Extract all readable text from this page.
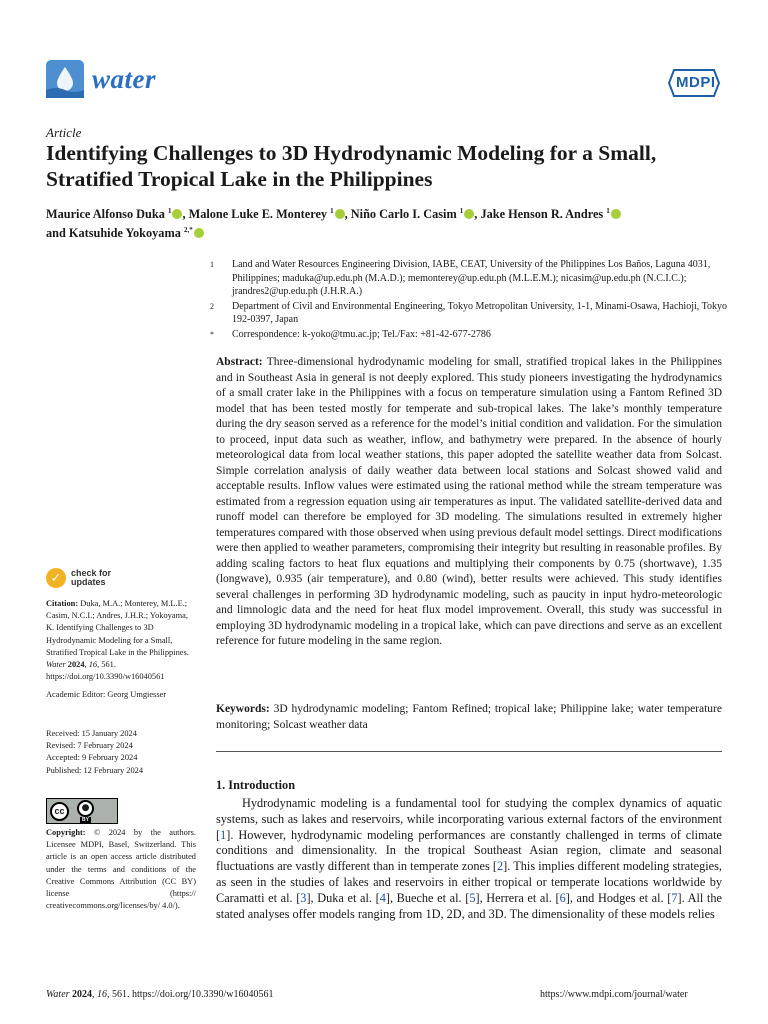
water	MDPI
Article
Identifying Challenges to 3D Hydrodynamic Modeling for a Small, Stratified Tropical Lake in the Philippines
Maurice Alfonso Duka $^1$ , Malone Luke E. Monterey $^1$ , Niño Carlo I. Casim $^1$ , Jake Henson R. Andres $^1$
and Katsuhide Yokoyama $^{2,*}$
1	Land and Water Resources Engineering Division, IABE, CEAT, University of the Philippines Los Baños, Laguna 4031, Philippines; maduka@up.edu.ph (M.A.D.); memonterey@up.edu.ph (M.L.E.M.); nicasim@up.edu.ph (N.C.I.C.); jrandres2@up.edu.ph (J.H.R.A.)
2	Department of Civil and Environmental Engineering, Tokyo Metropolitan University, 1-1, Minami-Osawa, Hachioji, Tokyo 192-0397, Japan
*	Correspondence: k-yoko@tmu.ac.jp; Tel./Fax: +81-42-677-2786
Abstract: Three-dimensional hydrodynamic modeling for small, stratified tropical lakes in the Philippines and in Southeast Asia in general is not deeply explored. This study pioneers investigating the hydrodynamics of a small crater lake in the Philippines with a focus on temperature simulation using a Fantom Refined 3D model that has been tested mostly for temperate and sub-tropical lakes. The lake’s monthly temperature during the dry season served as a reference for the model’s initial condition and validation. For the simulation to proceed, input data such as weather, inflow, and bathymetry were prepared. In the absence of hourly meteorological data from local weather stations, this paper adopted the satellite weather data from Solcast. Simple correlation analysis of daily weather data between local stations and Solcast showed valid and acceptable results. Inflow values were estimated using the rational method while the stream temperature was estimated from a regression equation using air temperatures as input. The validated satellite-derived data and runoff model can therefore be employed for 3D modeling. The simulations resulted in extremely higher temperatures compared with those observed when using previous default model settings. Direct modifications were then applied to weather parameters, compromising their integrity but resulting in reasonable profiles. By adding scaling factors to heat flux equations and multiplying their components by 0.75 (shortwave), 1.35 (longwave), 0.935 (air temperature), and 0.80 (wind), better results were achieved. This study identifies several challenges in performing 3D hydrodynamic modeling, such as paucity in input hydro-meteorologic and limnologic data and the need for heat flux model improvement. Overall, this study was successful in employing 3D hydrodynamic modeling in a tropical lake, which can pave directions and serve as an excellent reference for future modeling in the same region.
Keywords: 3D hydrodynamic modeling; Fantom Refined; tropical lake; Philippine lake; water temperature monitoring; Solcast weather data
1. Introduction
Hydrodynamic modeling is a fundamental tool for studying the complex dynamics of aquatic systems, such as lakes and reservoirs, while incorporating various external factors of the environment [1]. However, hydrodynamic modeling performances are constantly challenged in terms of climate conditions and dimensionality. In the tropical Southeast Asian region, climate and seasonal fluctuations are vastly different than in temperate zones [2]. This implies different modeling strategies, as seen in the studies of lakes and reservoirs in either tropical or temperate locations worldwide by Caramatti et al. [3], Duka et al. [4], Bueche et al. [5], Herrera et al. [6], and Hodges et al. [7]. All the stated analyses offer models ranging from 1D, 2D, and 3D. The dimensionality of these models relies
✓	check for
updates

Citation: Duka, M.A.; Monterey, M.L.E.; Casim, N.C.I.; Andres, J.H.R.; Yokoyama, K. Identifying Challenges to 3D Hydrodynamic Modeling for a Small, Stratified Tropical Lake in the Philippines. Water 2024, 16, 561. https://doi.org/10.3390/w16040561

Academic Editor: Georg Umgiesser

Received: 15 January 2024
Revised: 7 February 2024
Accepted: 9 February 2024
Published: 12 February 2024
cc	●
BY
Copyright: © 2024 by the authors. Licensee MDPI, Basel, Switzerland. This article is an open access article distributed under the terms and conditions of the Creative Commons Attribution (CC BY) license (https:// creativecommons.org/licenses/by/ 4.0/).
Water 2024, 16, 561. https://doi.org/10.3390/w16040561	https://www.mdpi.com/journal/water
